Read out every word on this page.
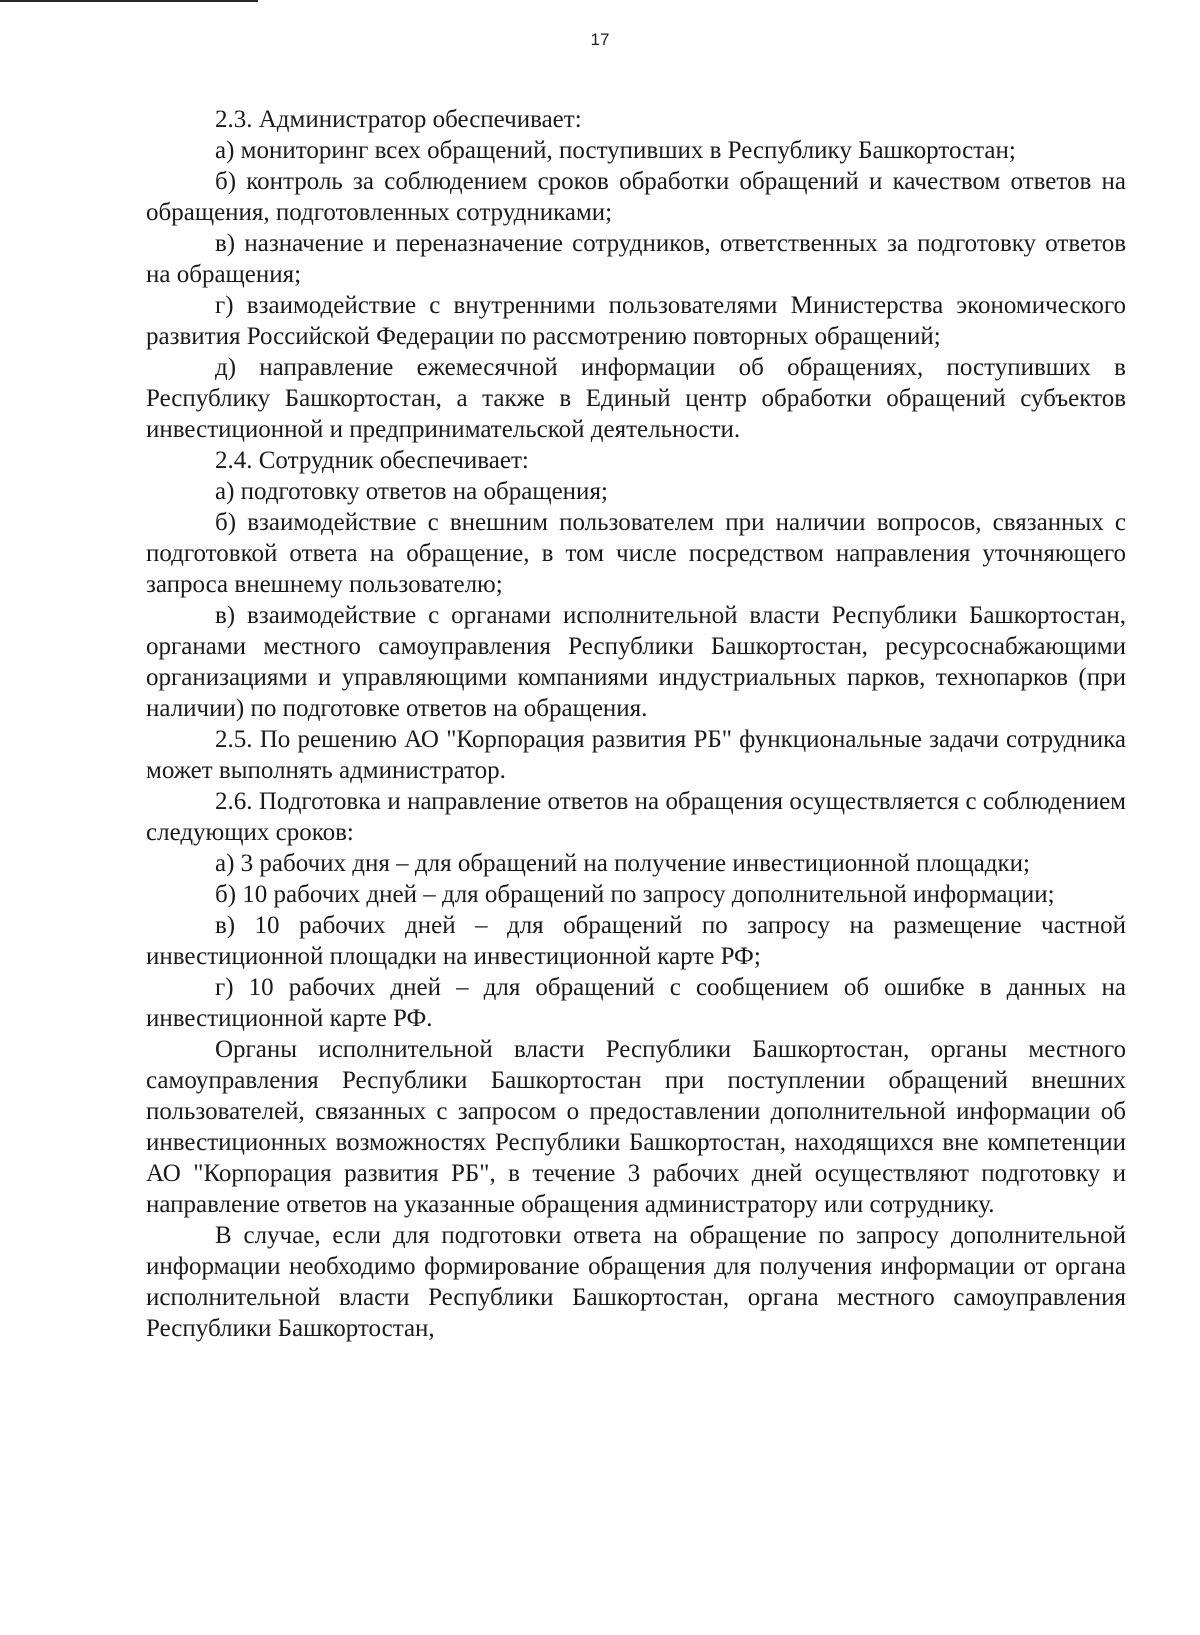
17

2.3. Администратор обеспечивает:

а) мониторинг всех обращений, поступивших в Республику Башкортостан;

б) контроль за соблюдением сроков обработки обращений и качеством ответов на обращения, подготовленных сотрудниками;

в) назначение и переназначение сотрудников, ответственных за подготовку ответов на обращения;

г) взаимодействие с внутренними пользователями Министерства экономического развития Российской Федерации по рассмотрению повторных обращений;

д) направление ежемесячной информации об обращениях, поступивших в Республику Башкортостан, а также в Единый центр обработки обращений субъектов инвестиционной и предпринимательской деятельности.

2.4. Сотрудник обеспечивает:

а) подготовку ответов на обращения;

б) взаимодействие с внешним пользователем при наличии вопросов, связанных с подготовкой ответа на обращение, в том числе посредством направления уточняющего запроса внешнему пользователю;

в) взаимодействие с органами исполнительной власти Республики Башкортостан, органами местного самоуправления Республики Башкортостан, ресурсоснабжающими организациями и управляющими компаниями индустриальных парков, технопарков (при наличии) по подготовке ответов на обращения.

2.5. По решению АО "Корпорация развития РБ" функциональные задачи сотрудника может выполнять администратор.

2.6. Подготовка и направление ответов на обращения осуществляется с соблюдением следующих сроков:

а) 3 рабочих дня – для обращений на получение инвестиционной площадки;

б) 10 рабочих дней – для обращений по запросу дополнительной информации;

в) 10 рабочих дней – для обращений по запросу на размещение частной инвестиционной площадки на инвестиционной карте РФ;

г) 10 рабочих дней – для обращений с сообщением об ошибке в данных на инвестиционной карте РФ.

Органы исполнительной власти Республики Башкортостан, органы местного самоуправления Республики Башкортостан при поступлении обращений внешних пользователей, связанных с запросом о предоставлении дополнительной информации об инвестиционных возможностях Республики Башкортостан, находящихся вне компетенции АО "Корпорация развития РБ", в течение 3 рабочих дней осуществляют подготовку и направление ответов на указанные обращения администратору или сотруднику.

В случае, если для подготовки ответа на обращение по запросу дополнительной информации необходимо формирование обращения для получения информации от органа исполнительной власти Республики Башкортостан, органа местного самоуправления Республики Башкортостан,
